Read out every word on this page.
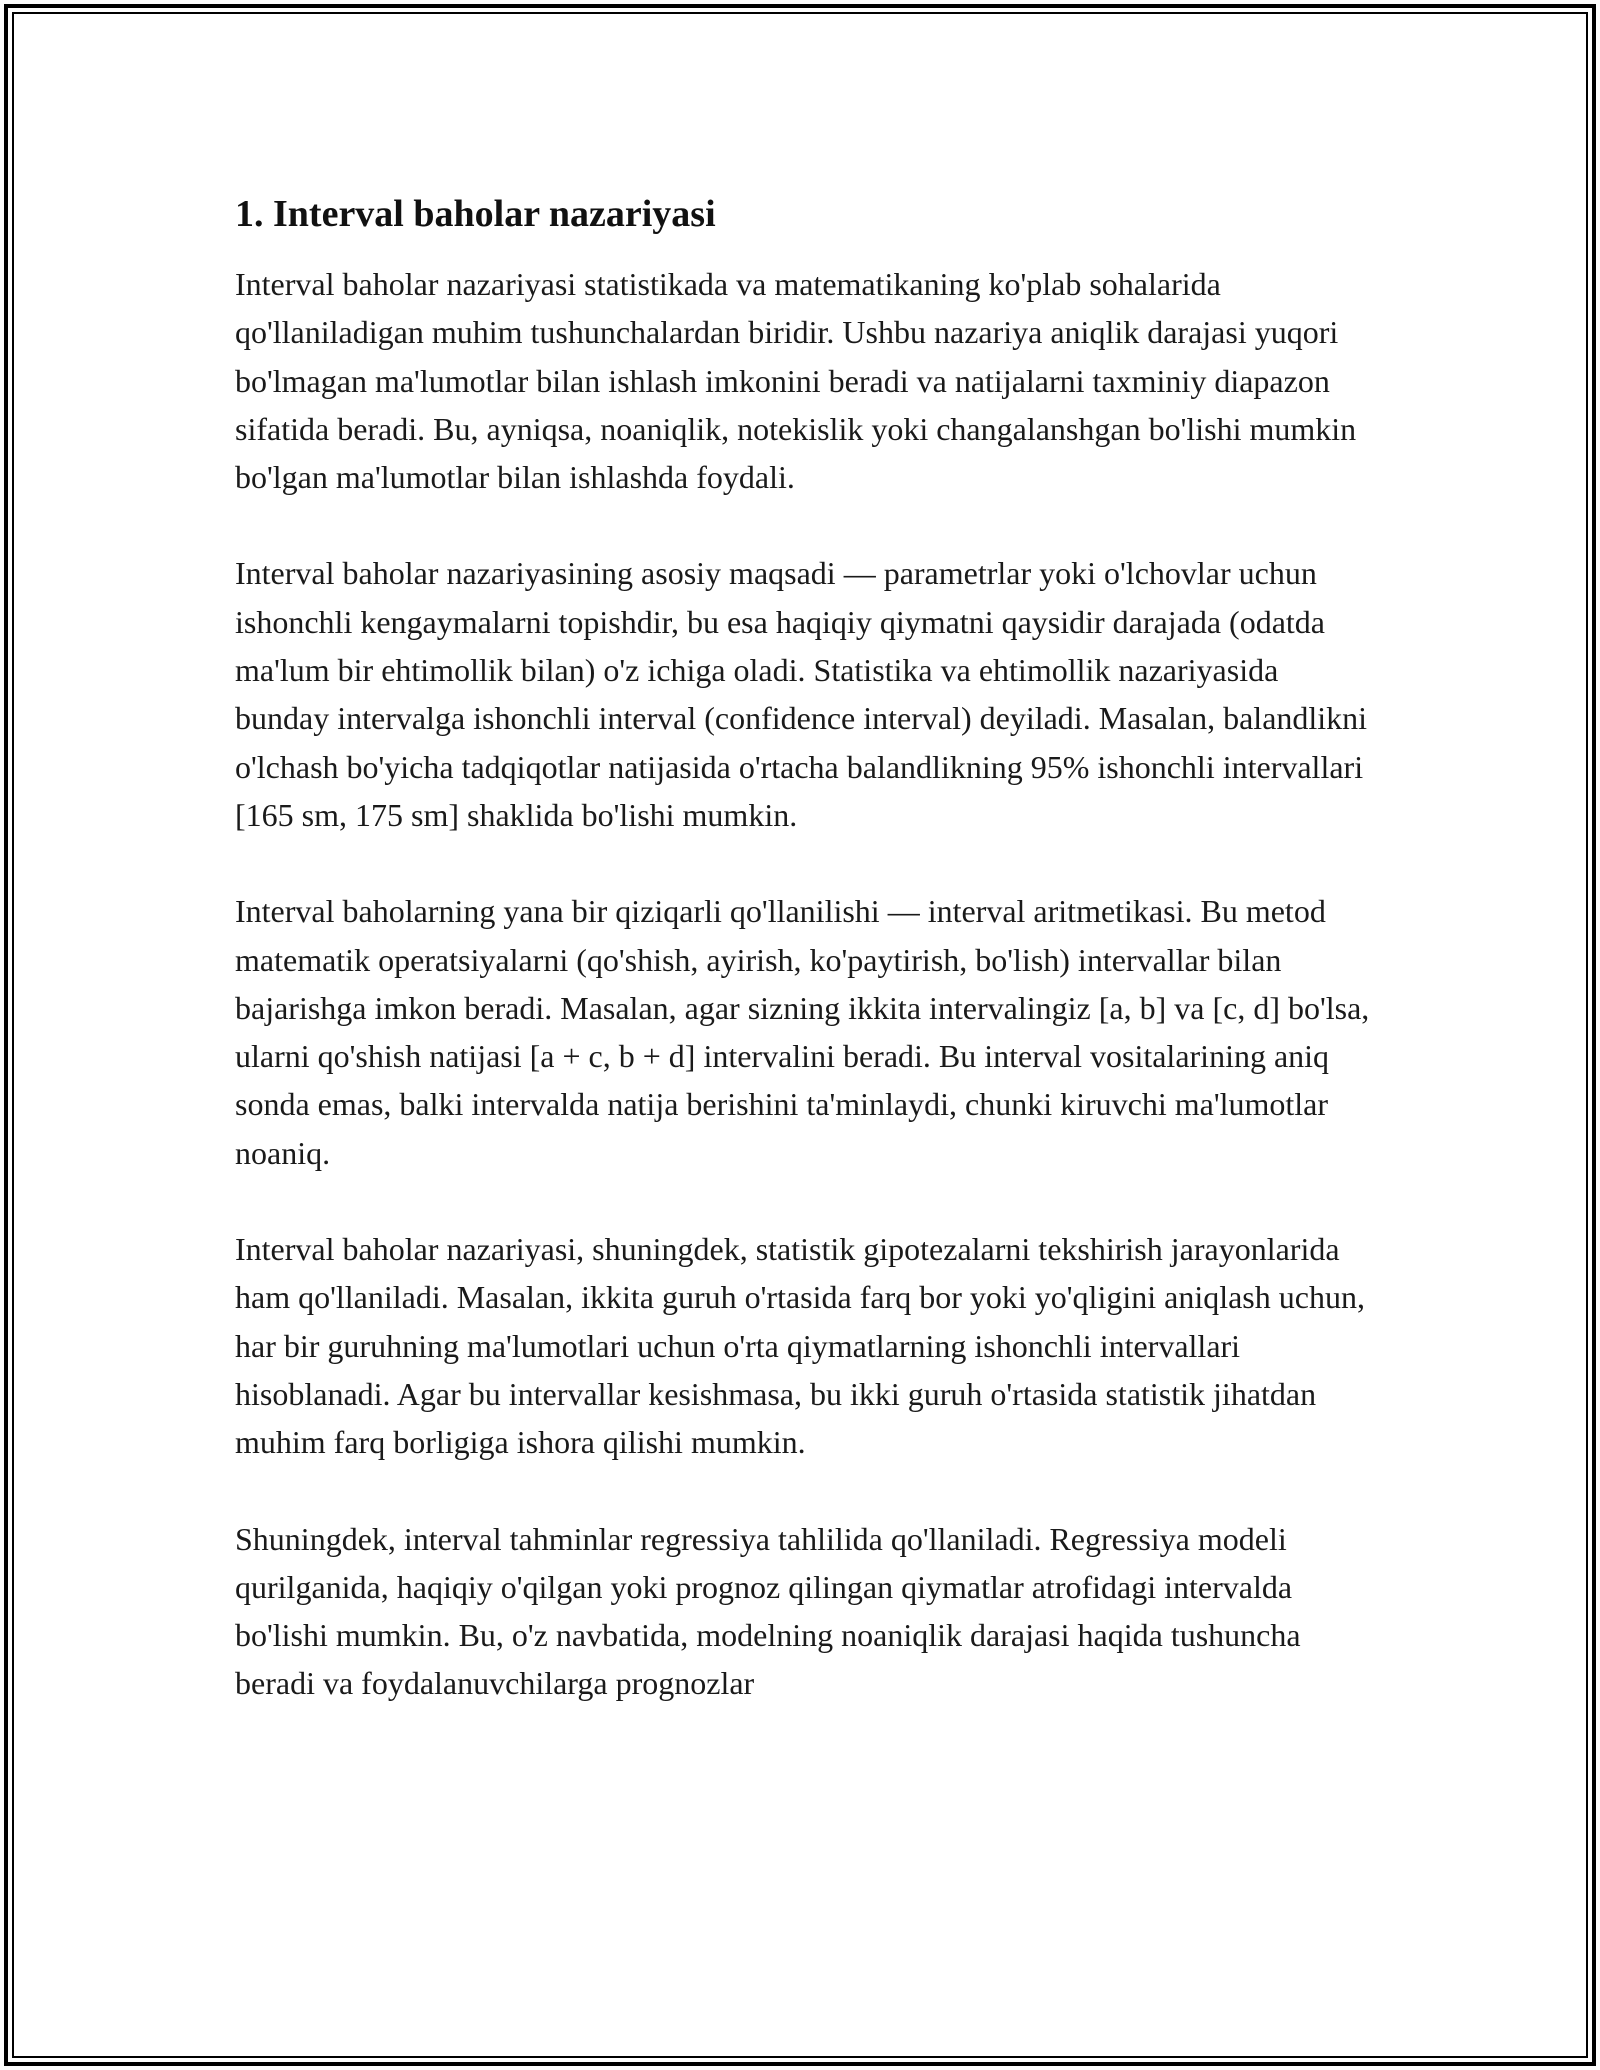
1. Interval baholar nazariyasi

Interval baholar nazariyasi statistikada va matematikaning ko'plab sohalarida qo'llaniladigan muhim tushunchalardan biridir. Ushbu nazariya aniqlik darajasi yuqori bo'lmagan ma'lumotlar bilan ishlash imkonini beradi va natijalarni taxminiy diapazon sifatida beradi. Bu, ayniqsa, noaniqlik, notekislik yoki changalanshgan bo'lishi mumkin bo'lgan ma'lumotlar bilan ishlashda foydali.

Interval baholar nazariyasining asosiy maqsadi — parametrlar yoki o'lchovlar uchun ishonchli kengaymalarni topishdir, bu esa haqiqiy qiymatni qaysidir darajada (odatda ma'lum bir ehtimollik bilan) o'z ichiga oladi. Statistika va ehtimollik nazariyasida bunday intervalga ishonchli interval (confidence interval) deyiladi. Masalan, balandlikni o'lchash bo'yicha tadqiqotlar natijasida o'rtacha balandlikning 95% ishonchli intervallari [165 sm, 175 sm] shaklida bo'lishi mumkin.

Interval baholarning yana bir qiziqarli qo'llanilishi — interval aritmetikasi. Bu metod matematik operatsiyalarni (qo'shish, ayirish, ko'paytirish, bo'lish) intervallar bilan bajarishga imkon beradi. Masalan, agar sizning ikkita intervalingiz [a, b] va [c, d] bo'lsa, ularni qo'shish natijasi [a + c, b + d] intervalini beradi. Bu interval vositalarining aniq sonda emas, balki intervalda natija berishini ta'minlaydi, chunki kiruvchi ma'lumotlar noaniq.

Interval baholar nazariyasi, shuningdek, statistik gipotezalarni tekshirish jarayonlarida ham qo'llaniladi. Masalan, ikkita guruh o'rtasida farq bor yoki yo'qligini aniqlash uchun, har bir guruhning ma'lumotlari uchun o'rta qiymatlarning ishonchli intervallari hisoblanadi. Agar bu intervallar kesishmasa, bu ikki guruh o'rtasida statistik jihatdan muhim farq borligiga ishora qilishi mumkin.

Shuningdek, interval tahminlar regressiya tahlilida qo'llaniladi. Regressiya modeli qurilganida, haqiqiy o'qilgan yoki prognoz qilingan qiymatlar atrofidagi intervalda bo'lishi mumkin. Bu, o'z navbatida, modelning noaniqlik darajasi haqida tushuncha beradi va foydalanuvchilarga prognozlar
